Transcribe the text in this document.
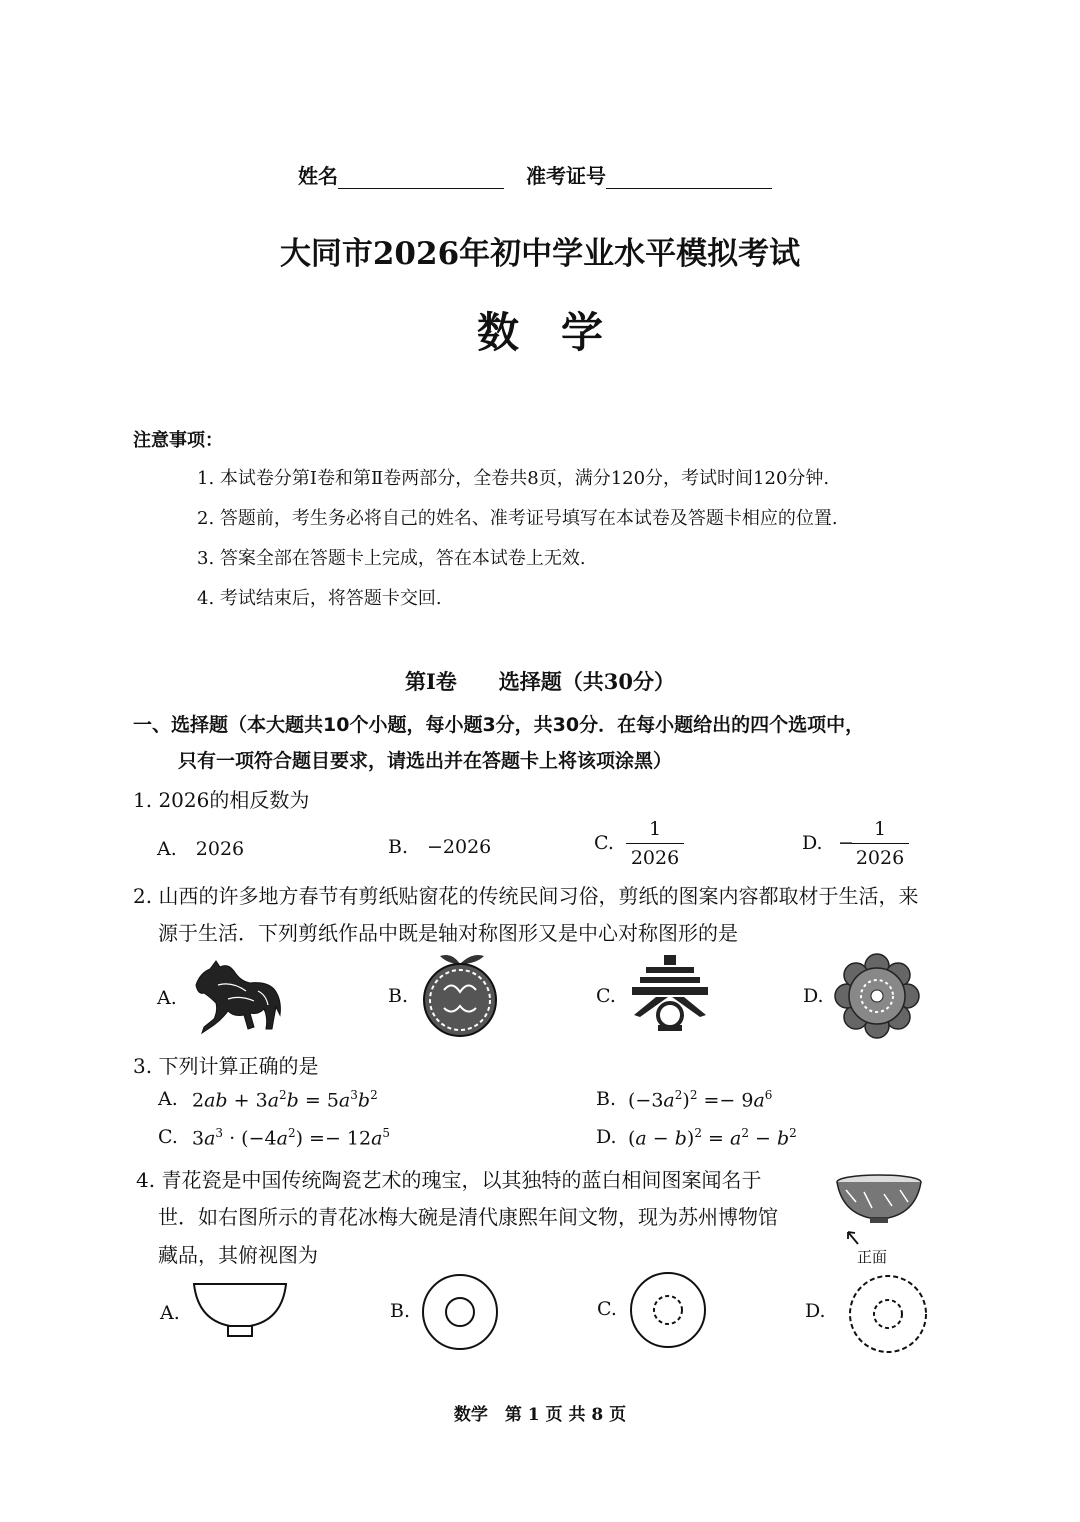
姓名	准考证号
大同市2026年初中学业水平模拟考试
数　学
注意事项：
1. 本试卷分第Ⅰ卷和第Ⅱ卷两部分，全卷共8页，满分120分，考试时间120分钟.
2. 答题前，考生务必将自己的姓名、准考证号填写在本试卷及答题卡相应的位置.
3. 答案全部在答题卡上完成，答在本试卷上无效.
4. 考试结束后，将答题卡交回.
第Ⅰ卷　　选择题（共30分）
一、选择题（本大题共10个小题，每小题3分，共30分．在每小题给出的四个选项中，
只有一项符合题目要求，请选出并在答题卡上将该项涂黑）
1. 2026的相反数为
A.　2026	B.　−2026	C.
1
2026
D. −
1
2026
2. 山西的许多地方春节有剪纸贴窗花的传统民间习俗，剪纸的图案内容都取材于生活，来
源于生活．下列剪纸作品中既是轴对称图形又是中心对称图形的是
A.	B.	C.	D.
3. 下列计算正确的是
A. $2ab + 3a^2b = 5a^3b^2$	B. $(-3a^2)^2 =- 9a^6$
C. $3a^3 \cdot (-4a^2) =- 12a^5$	D. $(a - b)^2 = a^2 - b^2$
4. 青花瓷是中国传统陶瓷艺术的瑰宝，以其独特的蓝白相间图案闻名于
世．如右图所示的青花冰梅大碗是清代康熙年间文物，现为苏州博物馆
藏品，其俯视图为	正面
A.	B.	C.	D.
数学　第 1 页 共 8 页
